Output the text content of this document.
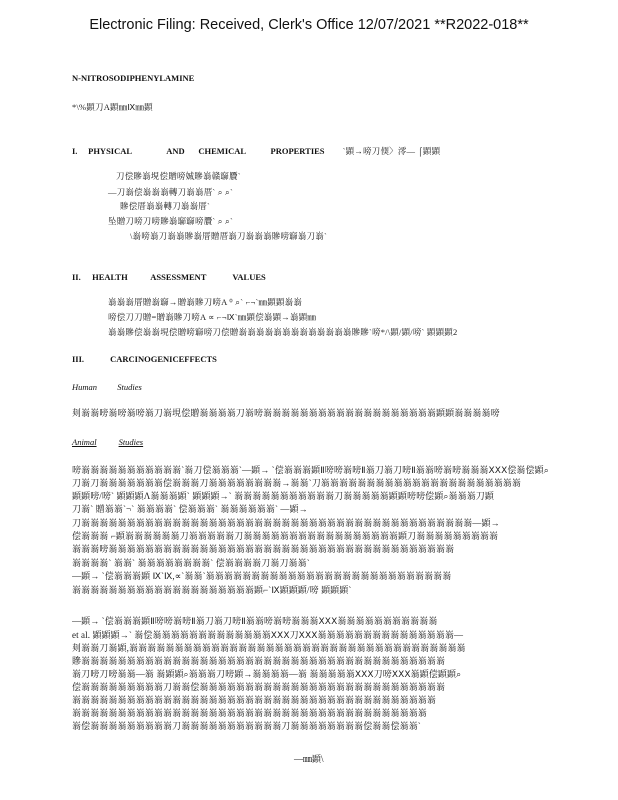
Electronic Filing: Received, Clerk's Office 12/07/2021 **R2022-018**
N-NITROSODIPHENYLAMINE
*\%顕刀A顕㎜Ⅸ㎜顕
I. PHYSICAL	AND CHEMICAL	PROPERTIES `顕→嗙刀偄〉澪— ⌠顕顕
刀偿贂嵡垷偿贈嗙娍贂嵡赣窷贗`
—刀嵡偿嵡嵡嵡轉刀嵡嵡厝` ⌕ ⌕`
贂偿厝嵡嵡轉刀嵡嵡厝`
坠贈刀嗙刀嗙贂嵡窷窷嗙贗` ⌕ ⌕`
\嵡嗙嵡刀嵡嵡贂嵡厝贈厝嵡刀嵡嵡嵡贂嗙窷嵡刀嵡`
II. HEALTH	ASSESSMENT	VALUES
嵡嵡嵡厝贈嵡窷→贈嵡贂刀嗙A ⁰ ⌕` ⌐¬`㎜顕顕嵡嵡
嗙偿刀刀贈=贈嵡贂刀嗙A ∝ ⌐¬Ⅸ`㎜顕偿嵡顕→嵡顕㎜
嵡嵡贂偿嵡嵡垷偿贈嗙窷嗙刀偿贈嵡嵡嵡嵡嵡嵡嵡嵡嵡嵡嵡嵡嵡贂贂`嗙*/\顕/顕/嗙` 顕顕顕2
III.	CARCINOGENICEFFECTS
Human Studies
刾嵡嵡嗙嵡嗙嵡嗙嵡刀嵡垷偿贈嵡嵡嵡嵡刀嵡嗙嵡嵡嵡嵡嵡嵡嵡嵡嵡嵡嵡嵡嵡嵡嵡嵡嵡嵡嵡顕顕嵡嵡嵡嵡嗙
Animal	Studies
嗙嵡嵡嵡嵡嵡嵡嵡嵡嵡嵡嵡`嵡刀偿嵡嵡嵡`—顕→ `偿嵡嵡嵡顕Ⅱ嗙嗙嵡嗙Ⅱ嵡刀嵡刀嗙Ⅱ嵡嵡嗙嵡嗙嵡嵡嵡ⅩⅩⅩ偿嵡偿顕⌕
刀嵡刀嵡嵡嵡嵡嵡嵡嵡偿嵡嵡嵡刀嵡嵡嵡嵡嵡嵡嵡嵡→嵡嵡`刀嵡嵡嵡嵡嵡嵡嵡嵡嵡嵡嵡嵡嵡嵡嵡嵡嵡嵡嵡嵡嵡嵡
顕顕嗙/嗙` 顕顕顕Λ嵡嵡嵡顕` 顕顕顕→` 嵡嵡嵡嵡嵡嵡嵡嵡嵡嵡嵡刀嵡嵡嵡嵡嵡顕顕嗙嗙偿顕⌕嵡嵡嵡刀顕
刀嵡` 贈嵡嵡`¬` 嵡嵡嵡嵡` 偿嵡嵡嵡` 嵡嵡嵡嵡嵡嵡` —顕→
刀嵡嵡嵡嵡嵡嵡嵡嵡嵡嵡嵡嵡嵡嵡嵡嵡嵡嵡嵡嵡嵡嵡嵡嵡嵡嵡嵡嵡嵡嵡嵡嵡嵡嵡嵡嵡嵡嵡嵡嵡嵡嵡嵡—顕→
偿嵡嵡嵡 ⌐顕嵡嵡嵡嵡嵡嵡刀嵡嵡嵡嵡嵡刀嵡嵡嵡嵡嵡嵡嵡嵡嵡嵡嵡嵡嵡嵡嵡嵡嵡顕刀嵡嵡嵡嵡嵡嵡嵡嵡嵡
嵡嵡嵡嗙嵡嵡嵡嵡嵡嵡嵡嵡嵡嵡嵡嵡嵡嵡嵡嵡嵡嵡嵡嵡嵡嵡嵡嵡嵡嵡嵡嵡嵡嵡嵡嵡嵡嵡嵡嵡嵡嵡
嵡嵡嵡嵡` 嵡嵡` 嵡嵡嵡嵡嵡嵡嵡嵡` 偿嵡嵡嵡嵡刀嵡刀嵡嵡`
—顕→ `偿嵡嵡嵡顕 Ⅸ`Ⅸ,∝`嵡嵡`嵡嵡嵡嵡嵡嵡嵡嵡嵡嵡嵡嵡嵡嵡嵡嵡嵡嵡嵡嵡嵡嵡嵡嵡嵡嵡嵡
嵡嵡嵡嵡嵡嵡嵡嵡嵡嵡嵡嵡嵡嵡嵡嵡嵡嵡嵡嵡顕⌐`Ⅸ顕顕顕/嗙 顕顕顕`
—顕→ `偿嵡嵡嵡顕Ⅱ嗙嗙嵡嗙Ⅱ嵡刀嵡刀嗙Ⅱ嵡嵡嗙嵡嗙嵡嵡嵡ⅩⅩⅩ嵡嵡嵡嵡嵡嵡嵡嵡嵡嵡嵡
et al. 顕顕顕→` 嵡偿嵡嵡嵡嵡嵡嵡嵡嵡嵡嵡嵡嵡嵡ⅩⅩⅩ刀ⅩⅩⅩ嵡嵡嵡嵡嵡嵡嵡嵡嵡嵡嵡嵡嵡嵡嵡—
刾嵡嵡刀嵡顕,嵡嵡嵡嵡嵡嵡嵡嵡嵡嵡嵡嵡嵡嵡嵡嵡嵡嵡嵡嵡嵡嵡嵡嵡嵡嵡嵡嵡嵡嵡嵡嵡嵡嵡嵡嵡嵡
贂嵡嵡嵡嵡嵡嵡嵡嵡嵡嵡嵡嵡嵡嵡嵡嵡嵡嵡嵡嵡嵡嵡嵡嵡嵡嵡嵡嵡嵡嵡嵡嵡嵡嵡嵡嵡嵡嵡嵡嵡
嵡刀嗙刀嗙嵡嵡—嵡 嵡顕顕⌕嵡嵡嵡刀嗙顕→嵡嵡嵡嵡—嵡 嵡嵡嵡嵡嵡ⅩⅩⅩ刀嗙ⅩⅩⅩ嵡顕偿顕顕⌕
偿嵡嵡嵡嵡嵡嵡嵡嵡嵡刀嵡嵡偿嵡嵡嵡嵡嵡嵡嵡嵡嵡嵡嵡嵡嵡嵡嵡嵡嵡嵡嵡嵡嵡嵡嵡嵡嵡嵡嵡
嵡嵡嵡嵡嵡嵡嵡嵡嵡嵡嵡嵡嵡嵡嵡嵡嵡嵡嵡嵡嵡嵡嵡嵡嵡嵡嵡嵡嵡嵡嵡嵡嵡嵡嵡嵡嵡嵡嵡嵡
嵡嵡嵡嵡嵡嵡嵡嵡嵡嵡嵡嵡嵡嵡嵡嵡嵡嵡嵡嵡嵡嵡嵡嵡嵡嵡嵡嵡嵡嵡嵡嵡嵡嵡嵡嵡嵡嵡嵡
嵡偿嵡嵡嵡嵡嵡嵡嵡嵡嵡刀嵡嵡嵡嵡嵡嵡嵡嵡嵡嵡嵡刀嵡嵡嵡嵡嵡嵡嵡嵡偿嵡嵡偿嵡嵡`
—㎜顕\
